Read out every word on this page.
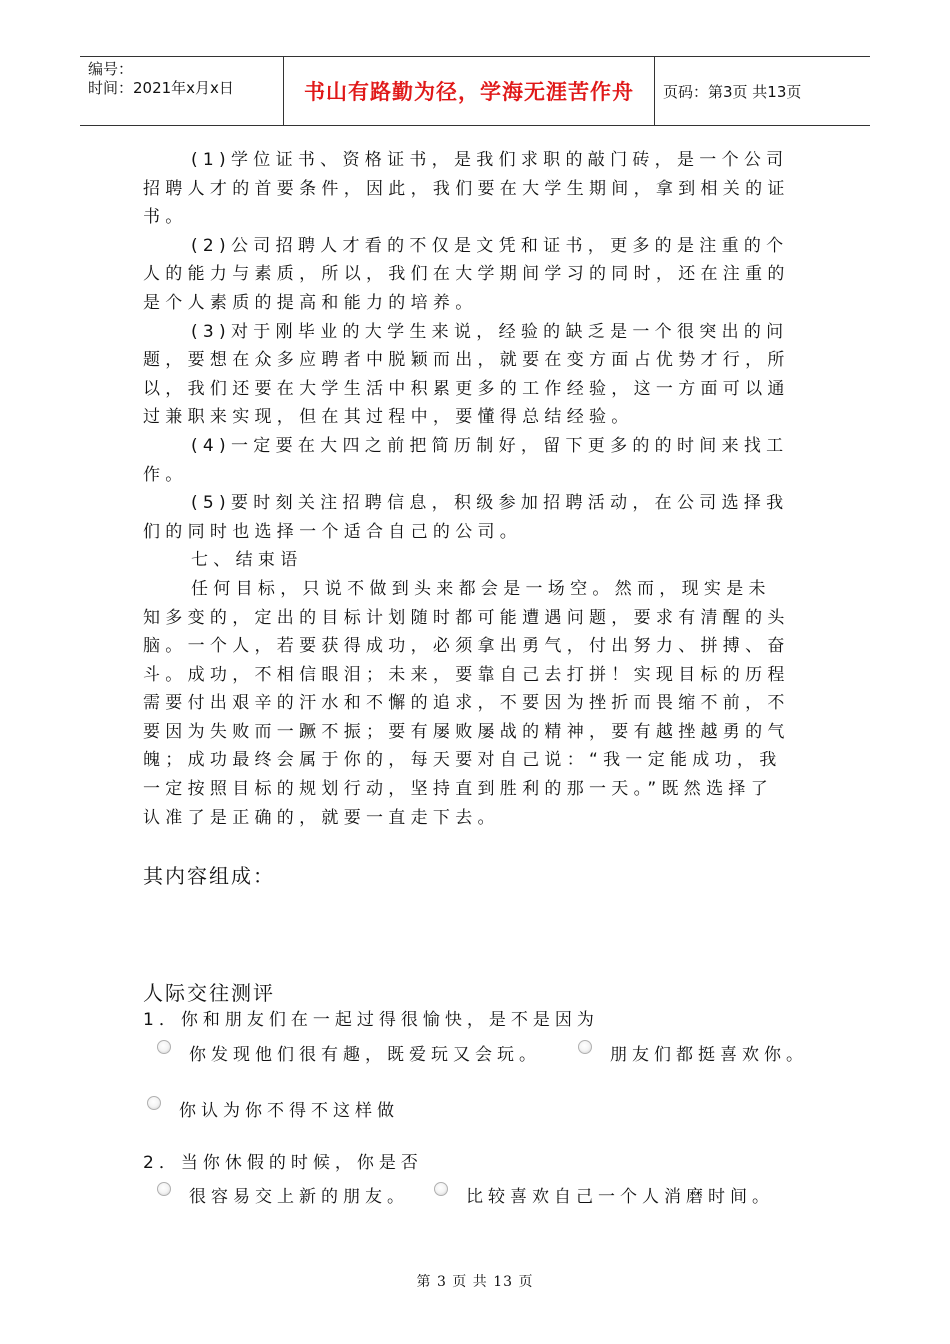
编号：
时间：2021年x月x日	书山有路勤为径，学海无涯苦作舟	页码：第3页 共13页

(1)学位证书、资格证书，是我们求职的敲门砖，是一个公司招聘人才的首要条件，因此，我们要在大学生期间，拿到相关的证书。

(2)公司招聘人才看的不仅是文凭和证书，更多的是注重的个人的能力与素质，所以，我们在大学期间学习的同时，还在注重的是个人素质的提高和能力的培养。

(3)对于刚毕业的大学生来说，经验的缺乏是一个很突出的问题，要想在众多应聘者中脱颖而出，就要在变方面占优势才行，所以，我们还要在大学生活中积累更多的工作经验，这一方面可以通过兼职来实现，但在其过程中，要懂得总结经验。

(4)一定要在大四之前把简历制好，留下更多的的时间来找工作。

(5)要时刻关注招聘信息，积级参加招聘活动，在公司选择我们的同时也选择一个适合自己的公司。

七、结束语

任何目标，只说不做到头来都会是一场空。然而，现实是未知多变的，定出的目标计划随时都可能遭遇问题，要求有清醒的头脑。一个人，若要获得成功，必须拿出勇气，付出努力、拼搏、奋斗。成功，不相信眼泪；未来，要靠自己去打拼！实现目标的历程需要付出艰辛的汗水和不懈的追求，不要因为挫折而畏缩不前，不要因为失败而一蹶不振；要有屡败屡战的精神，要有越挫越勇的气魄；成功最终会属于你的，每天要对自己说：“我一定能成功，我一定按照目标的规划行动，坚持直到胜利的那一天。”既然选择了认准了是正确的，就要一直走下去。

其内容组成：
人际交往测评
1．你和朋友们在一起过得很愉快，是不是因为
你发现他们很有趣，既爱玩又会玩。	朋友们都挺喜欢你。
你认为你不得不这样做
2．当你休假的时候，你是否
很容易交上新的朋友。	比较喜欢自己一个人消磨时间。
第 3 页 共 13 页
